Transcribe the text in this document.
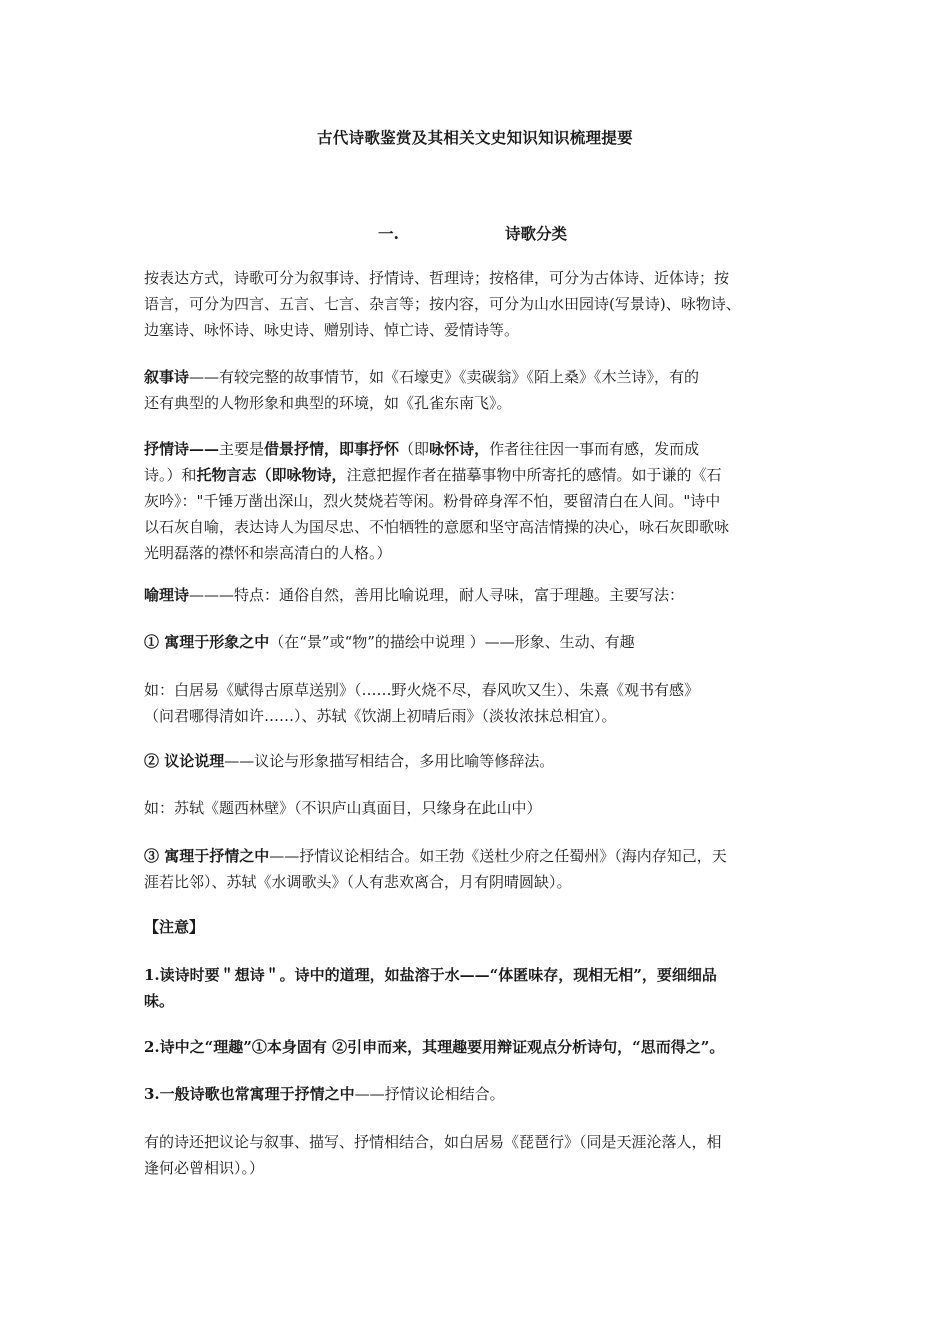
古代诗歌鉴赏及其相关文史知识知识梳理提要
一.	诗歌分类
按表达方式，诗歌可分为叙事诗、抒情诗、哲理诗；按格律，可分为古体诗、近体诗；按
语言，可分为四言、五言、七言、杂言等；按内容，可分为山水田园诗(写景诗)、咏物诗、
边塞诗、咏怀诗、咏史诗、赠别诗、悼亡诗、爱情诗等。
叙事诗——有较完整的故事情节，如《石壕吏》《卖碳翁》《陌上桑》《木兰诗》，有的
还有典型的人物形象和典型的环境，如《孔雀东南飞》。
抒情诗——主要是借景抒情，即事抒怀（即咏怀诗，作者往往因一事而有感，发而成
诗。）和托物言志（即咏物诗，注意把握作者在描摹事物中所寄托的感情。如于谦的《石
灰吟》："千锤万凿出深山，烈火焚烧若等闲。粉骨碎身浑不怕，要留清白在人间。"诗中
以石灰自喻，表达诗人为国尽忠、不怕牺牲的意愿和坚守高洁情操的决心，咏石灰即歌咏
光明磊落的襟怀和崇高清白的人格。）
喻理诗———特点：通俗自然，善用比喻说理，耐人寻味，富于理趣。主要写法：
① 寓理于形象之中（在“景”或“物”的描绘中说理 ）——形象、生动、有趣
如：白居易《赋得古原草送别》（……野火烧不尽，春风吹又生）、朱熹《观书有感》
（问君哪得清如许……）、苏轼《饮湖上初晴后雨》（淡妆浓抹总相宜）。
② 议论说理——议论与形象描写相结合，多用比喻等修辞法。
如：苏轼《题西林壁》（不识庐山真面目，只缘身在此山中）
③ 寓理于抒情之中——抒情议论相结合。如王勃《送杜少府之任蜀州》（海内存知己，天
涯若比邻）、苏轼《水调歌头》（人有悲欢离合，月有阴晴圆缺）。
【注意】
1.读诗时要＂想诗＂。诗中的道理，如盐溶于水——“体匿味存，现相无相”，要细细品
味。
2.诗中之“理趣”①本身固有 ②引申而来，其理趣要用辩证观点分析诗句，“思而得之”。
3.一般诗歌也常寓理于抒情之中——抒情议论相结合。
有的诗还把议论与叙事、描写、抒情相结合，如白居易《琵琶行》（同是天涯沦落人，相
逢何必曾相识）。）
